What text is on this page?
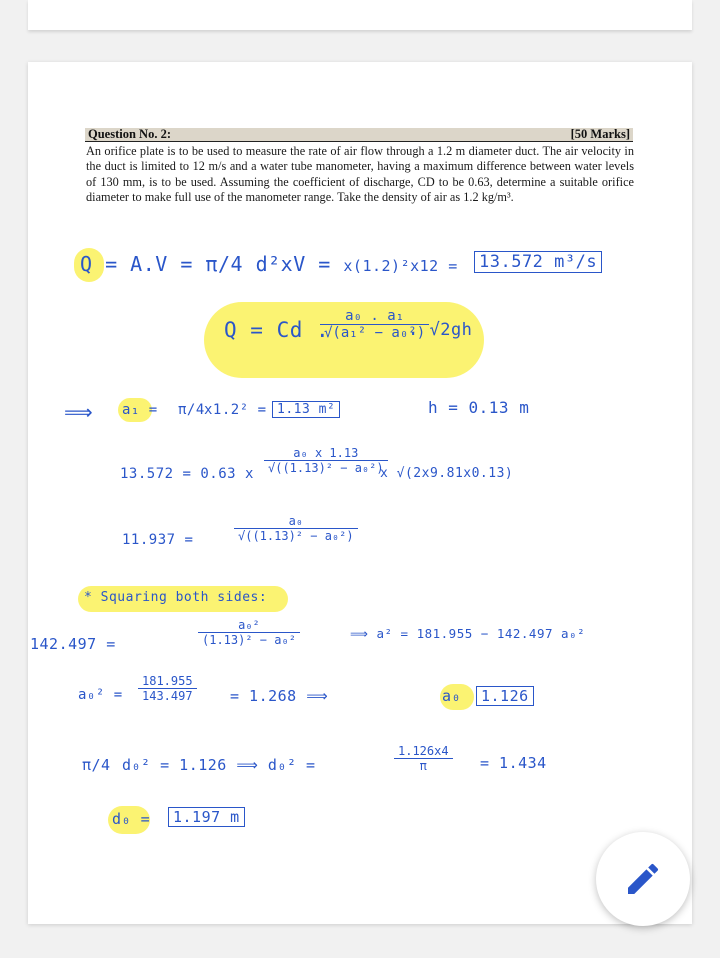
Question No. 2:	[50 Marks]
An orifice plate is to be used to measure the rate of air flow through a 1.2 m diameter duct. The air velocity in the duct is limited to 12 m/s and a water tube manometer, having a maximum difference between water levels of 130 mm, is to be used. Assuming the coefficient of discharge, CD to be 0.63, determine a suitable orifice diameter to make full use of the manometer range. Take the density of air as 1.2 kg/m³.
Q = A.V = π/4 d²xV = x(1.2)²x12 = 13.572 m³/s
Q = Cd .
$\frac{\text{a₀ . a₁}}{\text{√(a₁² − a₀²)}}$
. √2gh
⟹ a₁ = π/4 x1.2² = 1.13 m²	h = 0.13 m
13.572 = 0.63 x $\frac{\text{a₀ x 1.13}}{\text{√((1.13)² − a₀²)}}$
x √(2x9.81x0.13)
11.937 =	$\frac{\text{a₀}}{\text{√((1.13)² − a₀²)}}$
* Squaring both sides:
142.497 =	$\frac{\text{a₀²}}{\text{(1.13)² − a₀²}}$	⟹ a² = 181.955 − 142.497 a₀²
$a_0^2 = \frac{181.955}{143.497} = 1.268$ ⟹	a₀	1.126
π/4 d₀² = 1.126 ⟹ d₀² =	$\frac{1.126x4}{\pi} = 1.434$
d₀ =	1.197 m
